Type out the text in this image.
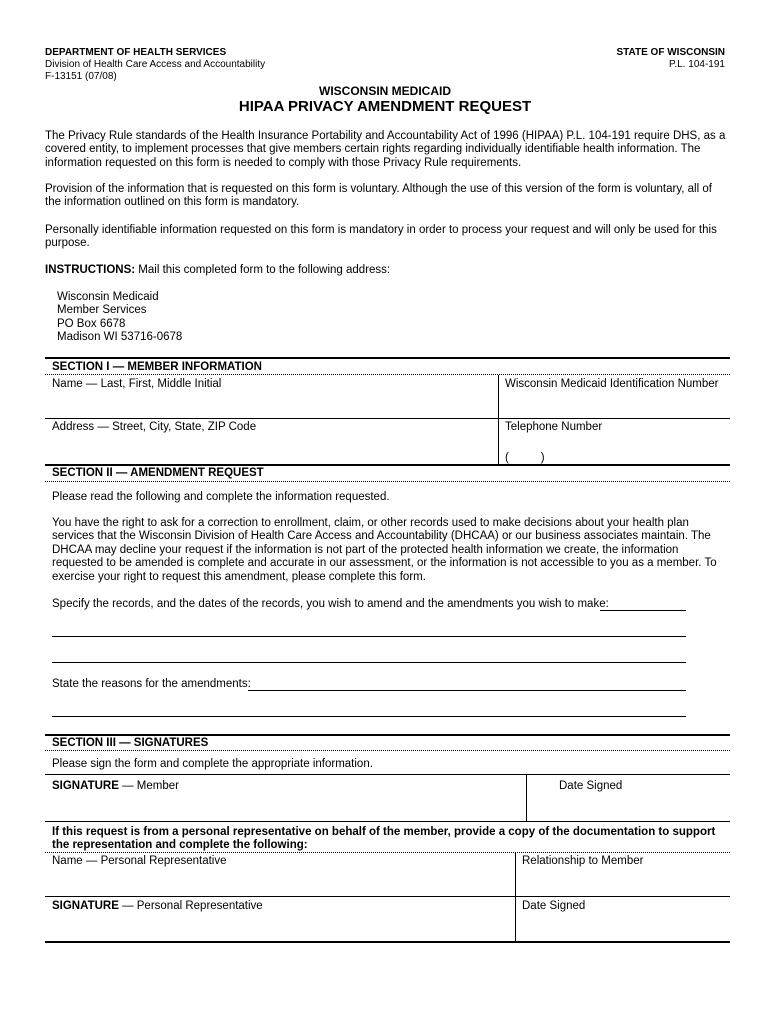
DEPARTMENT OF HEALTH SERVICES
Division of Health Care Access and Accountability
F-13151 (07/08)
STATE OF WISCONSIN
P.L. 104-191
WISCONSIN MEDICAID
HIPAA PRIVACY AMENDMENT REQUEST

The Privacy Rule standards of the Health Insurance Portability and Accountability Act of 1996 (HIPAA) P.L. 104-191 require DHS, as a covered entity, to implement processes that give members certain rights regarding individually identifiable health information. The information requested on this form is needed to comply with those Privacy Rule requirements.

Provision of the information that is requested on this form is voluntary. Although the use of this version of the form is voluntary, all of the information outlined on this form is mandatory.

Personally identifiable information requested on this form is mandatory in order to process your request and will only be used for this purpose.

INSTRUCTIONS: Mail this completed form to the following address:

Wisconsin Medicaid
Member Services
PO Box 6678
Madison WI 53716-0678
SECTION I — MEMBER INFORMATION
Name — Last, First, Middle Initial	Wisconsin Medicaid Identification Number
Address — Street, City, State, ZIP Code	Telephone Number
(          )
SECTION II — AMENDMENT REQUEST

Please read the following and complete the information requested.

You have the right to ask for a correction to enrollment, claim, or other records used to make decisions about your health plan services that the Wisconsin Division of Health Care Access and Accountability (DHCAA) or our business associates maintain. The DHCAA may decline your request if the information is not part of the protected health information we create, the information requested to be amended is complete and accurate in our assessment, or the information is not accessible to you as a member. To exercise your right to request this amendment, please complete this form.

Specify the records, and the dates of the records, you wish to amend and the amendments you wish to make:
State the reasons for the amendments:
SECTION III — SIGNATURES

Please sign the form and complete the appropriate information.

SIGNATURE — Member	Date Signed

If this request is from a personal representative on behalf of the member, provide a copy of the documentation to support the representation and complete the following:

Name — Personal Representative	Relationship to Member
SIGNATURE — Personal Representative	Date Signed
